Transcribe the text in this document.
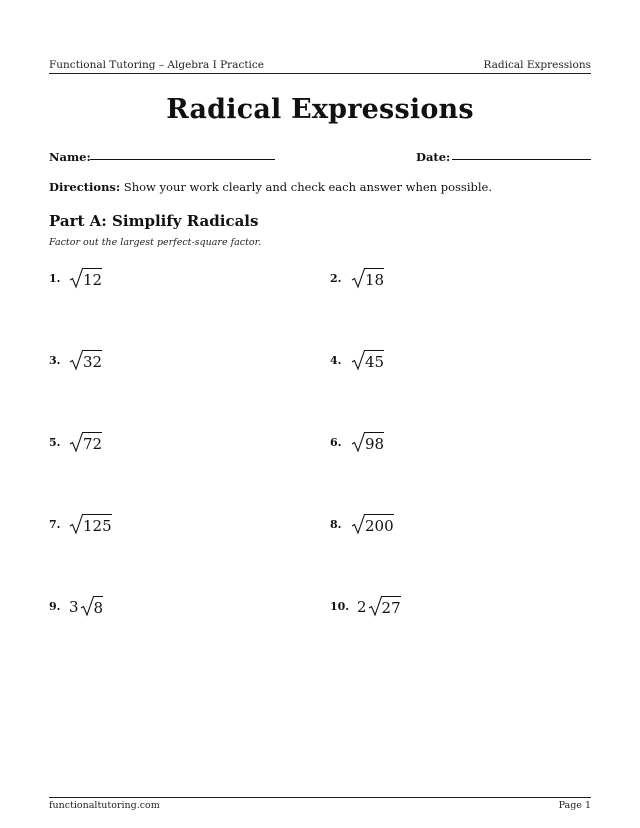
Functional Tutoring – Algebra I Practice	Radical Expressions
Radical Expressions
Name:	Date:
Directions: Show your work clearly and check each answer when possible.
Part A: Simplify Radicals
Factor out the largest perfect-square factor.
1.	12	2.	18
3.	32	4.	45
5.	72	6.	98
7.	125	8.	200
9. 3 8	10. 2 27
functionaltutoring.com	Page 1
